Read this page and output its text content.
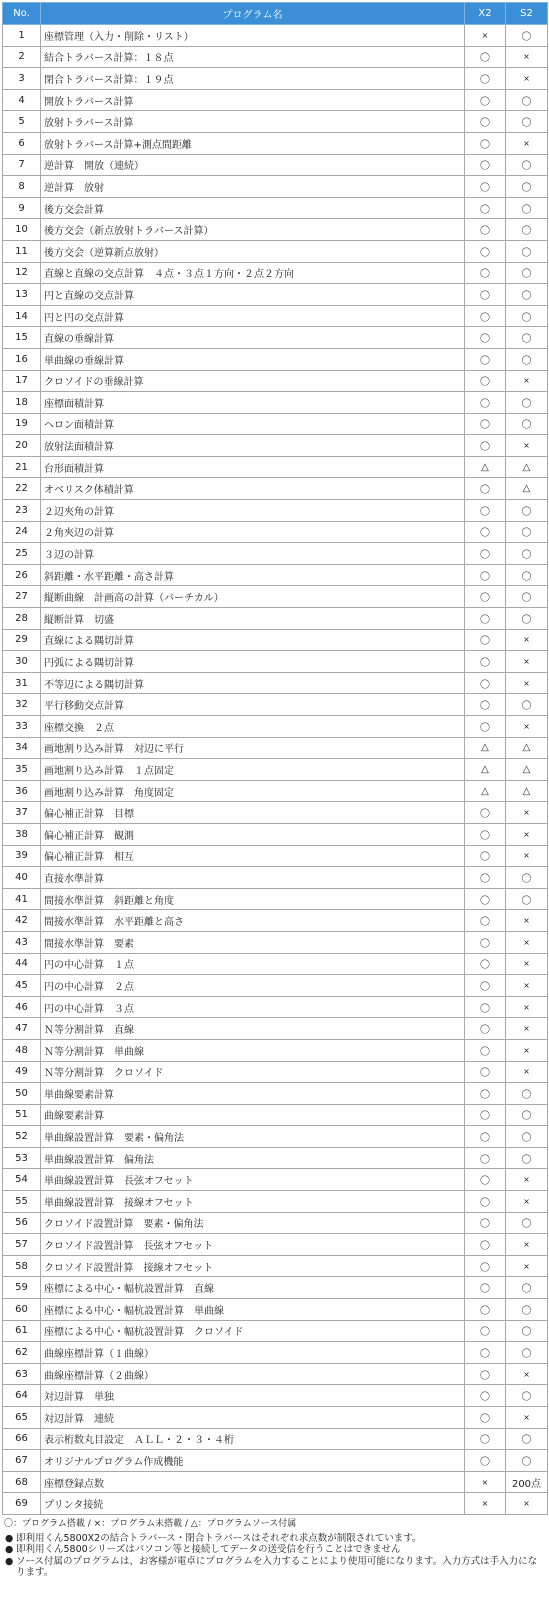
No.	プログラム名	X2	S2
1	座標管理（入力・削除・リスト）	×	〇
2	結合トラバース計算：１８点	〇	×
3	閉合トラバース計算：１９点	〇	×
4	開放トラバース計算	〇	〇
5	放射トラバース計算	〇	〇
6	放射トラバース計算+測点間距離	〇	×
7	逆計算　開放（連続）	〇	〇
8	逆計算　放射	〇	〇
9	後方交会計算	〇	〇
10	後方交会（新点放射トラバース計算）	〇	〇
11	後方交会（逆算新点放射）	〇	〇
12	直線と直線の交点計算　４点・３点１方向・２点２方向	〇	〇
13	円と直線の交点計算	〇	〇
14	円と円の交点計算	〇	〇
15	直線の垂線計算	〇	〇
16	単曲線の垂線計算	〇	〇
17	クロソイドの垂線計算	〇	×
18	座標面積計算	〇	〇
19	ヘロン面積計算	〇	〇
20	放射法面積計算	〇	×
21	台形面積計算	△	△
22	オベリスク体積計算	〇	△
23	２辺夾角の計算	〇	〇
24	２角夾辺の計算	〇	〇
25	３辺の計算	〇	〇
26	斜距離・水平距離・高さ計算	〇	〇
27	縦断曲線　計画高の計算（バーチカル）	〇	〇
28	縦断計算　切盛	〇	〇
29	直線による隅切計算	〇	×
30	円弧による隅切計算	〇	×
31	不等辺による隅切計算	〇	×
32	平行移動交点計算	〇	〇
33	座標交換　２点	〇	×
34	画地割り込み計算　対辺に平行	△	△
35	画地割り込み計算　１点固定	△	△
36	画地割り込み計算　角度固定	△	△
37	偏心補正計算　目標	〇	×
38	偏心補正計算　観測	〇	×
39	偏心補正計算　相互	〇	×
40	直接水準計算	〇	〇
41	間接水準計算　斜距離と角度	〇	〇
42	間接水準計算　水平距離と高さ	〇	×
43	間接水準計算　要素	〇	×
44	円の中心計算　１点	〇	×
45	円の中心計算　２点	〇	×
46	円の中心計算　３点	〇	×
47	Ｎ等分割計算　直線	〇	×
48	Ｎ等分割計算　単曲線	〇	×
49	Ｎ等分割計算　クロソイド	〇	×
50	単曲線要素計算	〇	〇
51	曲線要素計算	〇	〇
52	単曲線設置計算　要素・偏角法	〇	〇
53	単曲線設置計算　偏角法	〇	〇
54	単曲線設置計算　長弦オフセット	〇	×
55	単曲線設置計算　接線オフセット	〇	×
56	クロソイド設置計算　要素・偏角法	〇	〇
57	クロソイド設置計算　長弦オフセット	〇	×
58	クロソイド設置計算　接線オフセット	〇	×
59	座標による中心・幅杭設置計算　直線	〇	〇
60	座標による中心・幅杭設置計算　単曲線	〇	〇
61	座標による中心・幅杭設置計算　クロソイド	〇	〇
62	曲線座標計算（１曲線）	〇	〇
63	曲線座標計算（２曲線）	〇	×
64	対辺計算　単独	〇	〇
65	対辺計算　連続	〇	×
66	表示桁数丸目設定　ＡＬＬ・２・３・４桁	〇	〇
67	オリジナルプログラム作成機能	〇	〇
68	座標登録点数	×	200点
69	プリンタ接続	×	×
〇：プログラム搭載 / ×：プログラム未搭載 / △：プログラムソース付属
● 即利用くん5800X2の結合トラバース・閉合トラバースはそれぞれ求点数が制限されています。
● 即利用くん5800シリーズはパソコン等と接続してデータの送受信を行うことはできません
● ソース付属のプログラムは、お客様が電卓にプログラムを入力することにより使用可能になります。入力方式は手入力になります。
